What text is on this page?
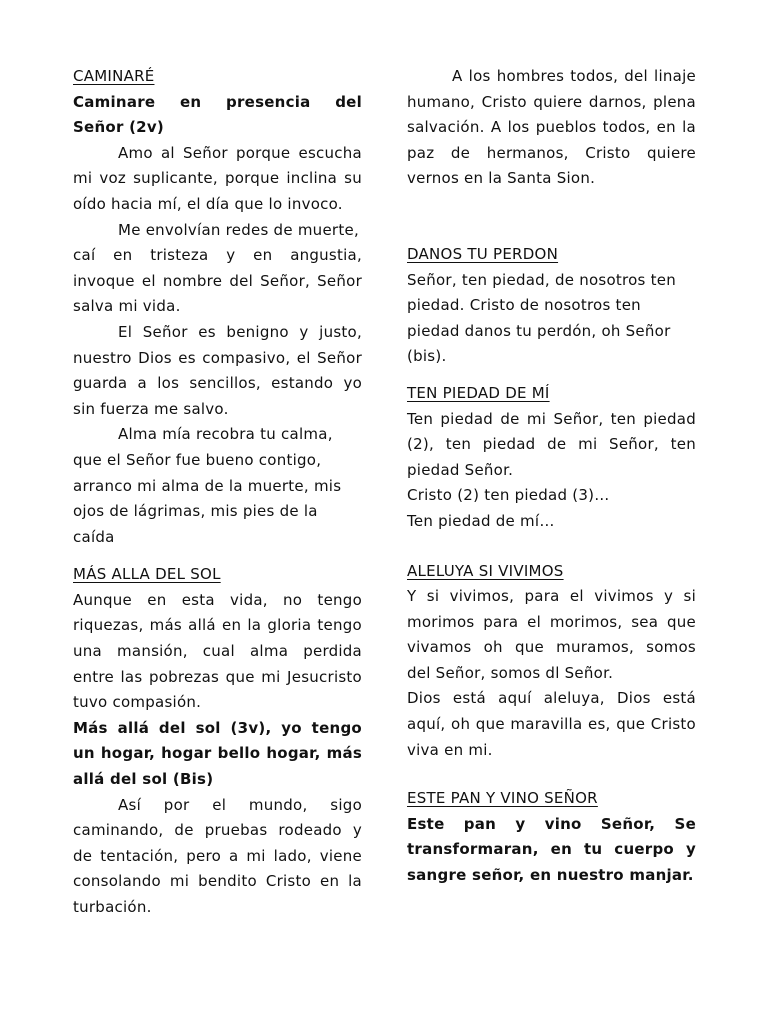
CAMINARÉ

Caminare en presencia del

Señor (2v)

Amo al Señor porque escucha

mi voz suplicante, porque inclina su

oído hacia mí, el día que lo invoco.

Me envolvían redes de muerte,

caí en tristeza y en angustia,

invoque el nombre del Señor, Señor

salva mi vida.

El Señor es benigno y justo,

nuestro Dios es compasivo, el Señor

guarda a los sencillos, estando yo

sin fuerza me salvo.

Alma mía recobra tu calma,

que el Señor fue bueno contigo,

arranco mi alma de la muerte, mis

ojos de lágrimas, mis pies de la

caída

MÁS ALLA DEL SOL

Aunque en esta vida, no tengo

riquezas, más allá en la gloria tengo

una mansión, cual alma perdida

entre las pobrezas que mi Jesucristo

tuvo compasión.

Más allá del sol (3v), yo tengo

un hogar, hogar bello hogar, más

allá del sol (Bis)

Así por el mundo, sigo

caminando, de pruebas rodeado y

de tentación, pero a mi lado, viene

consolando mi bendito Cristo en la

turbación.

A los hombres todos, del linaje

humano, Cristo quiere darnos, plena

salvación. A los pueblos todos, en la

paz de hermanos, Cristo quiere

vernos en la Santa Sion.

DANOS TU PERDON

Señor, ten piedad, de nosotros ten

piedad. Cristo de nosotros ten

piedad danos tu perdón, oh Señor

(bis).

TEN PIEDAD DE MÍ

Ten piedad de mi Señor, ten piedad

(2), ten piedad de mi Señor, ten

piedad Señor.

Cristo (2) ten piedad (3)…

Ten piedad de mí…

ALELUYA SI VIVIMOS

Y si vivimos, para el vivimos y si

morimos para el morimos, sea que

vivamos oh que muramos, somos

del Señor, somos dl Señor.

Dios está aquí aleluya, Dios está

aquí, oh que maravilla es, que Cristo

viva en mi.

ESTE PAN Y VINO SEÑOR

Este pan y vino Señor, Se

transformaran, en tu cuerpo y

sangre señor, en nuestro manjar.
